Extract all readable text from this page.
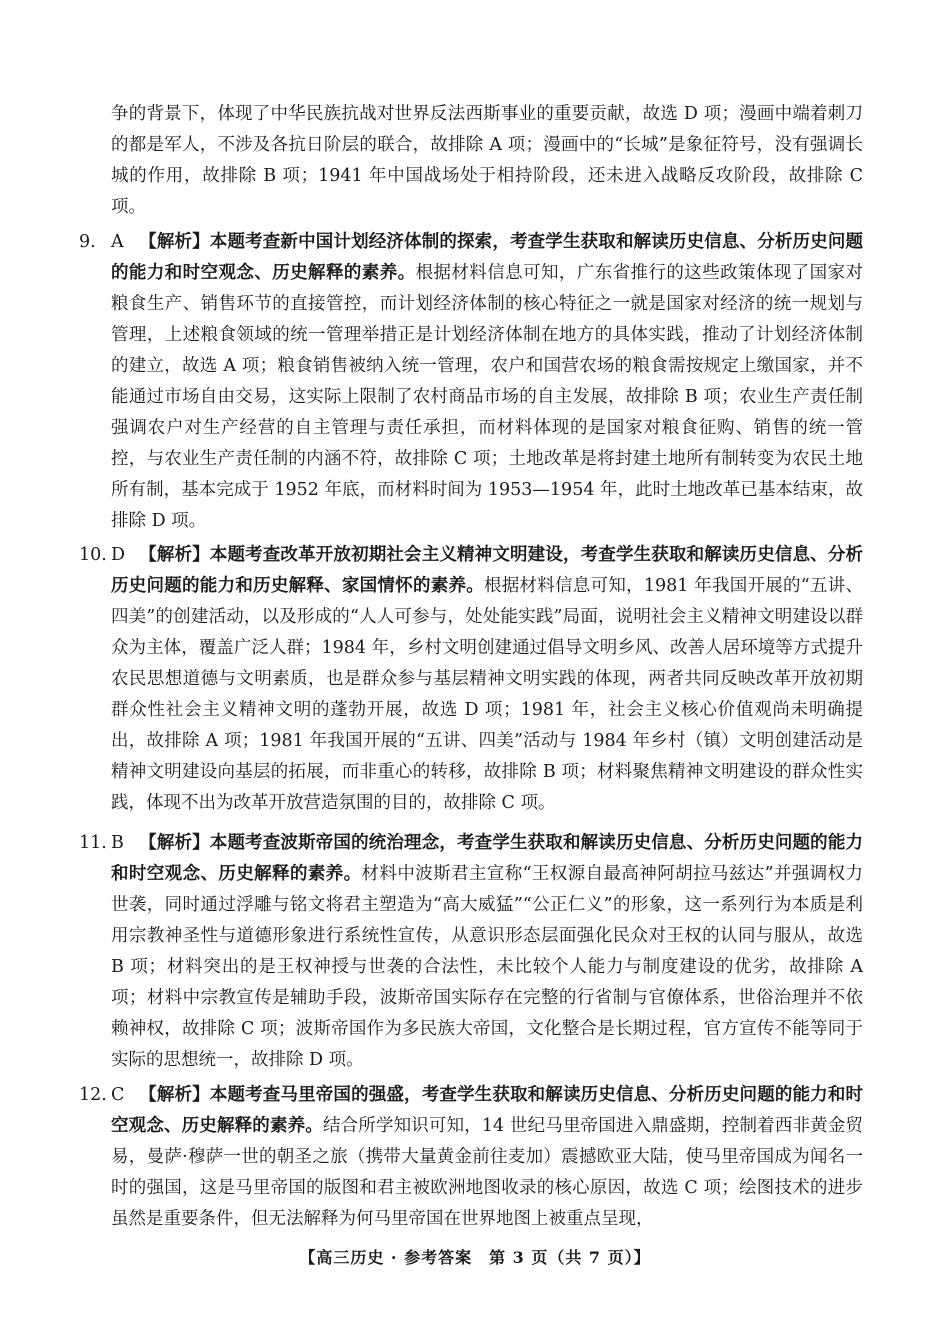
争的背景下，体现了中华民族抗战对世界反法西斯事业的重要贡献，故选 D 项；漫画中端着刺刀的都是军人，不涉及各抗日阶层的联合，故排除 A 项；漫画中的“长城”是象征符号，没有强调长城的作用，故排除 B 项；1941 年中国战场处于相持阶段，还未进入战略反攻阶段，故排除 C 项。

9. A 【解析】本题考查新中国计划经济体制的探索，考查学生获取和解读历史信息、分析历史问题的能力和时空观念、历史解释的素养。根据材料信息可知，广东省推行的这些政策体现了国家对粮食生产、销售环节的直接管控，而计划经济体制的核心特征之一就是国家对经济的统一规划与管理，上述粮食领域的统一管理举措正是计划经济体制在地方的具体实践，推动了计划经济体制的建立，故选 A 项；粮食销售被纳入统一管理，农户和国营农场的粮食需按规定上缴国家，并不能通过市场自由交易，这实际上限制了农村商品市场的自主发展，故排除 B 项；农业生产责任制强调农户对生产经营的自主管理与责任承担，而材料体现的是国家对粮食征购、销售的统一管控，与农业生产责任制的内涵不符，故排除 C 项；土地改革是将封建土地所有制转变为农民土地所有制，基本完成于 1952 年底，而材料时间为 1953—1954 年，此时土地改革已基本结束，故排除 D 项。
10. D 【解析】本题考查改革开放初期社会主义精神文明建设，考查学生获取和解读历史信息、分析历史问题的能力和历史解释、家国情怀的素养。根据材料信息可知，1981 年我国开展的“五讲、四美”的创建活动，以及形成的“人人可参与，处处能实践”局面，说明社会主义精神文明建设以群众为主体，覆盖广泛人群；1984 年，乡村文明创建通过倡导文明乡风、改善人居环境等方式提升农民思想道德与文明素质，也是群众参与基层精神文明实践的体现，两者共同反映改革开放初期群众性社会主义精神文明的蓬勃开展，故选 D 项；1981 年，社会主义核心价值观尚未明确提出，故排除 A 项；1981 年我国开展的“五讲、四美”活动与 1984 年乡村（镇）文明创建活动是精神文明建设向基层的拓展，而非重心的转移，故排除 B 项；材料聚焦精神文明建设的群众性实践，体现不出为改革开放营造氛围的目的，故排除 C 项。
11. B 【解析】本题考查波斯帝国的统治理念，考查学生获取和解读历史信息、分析历史问题的能力和时空观念、历史解释的素养。材料中波斯君主宣称“王权源自最高神阿胡拉马兹达”并强调权力世袭，同时通过浮雕与铭文将君主塑造为“高大威猛”“公正仁义”的形象，这一系列行为本质是利用宗教神圣性与道德形象进行系统性宣传，从意识形态层面强化民众对王权的认同与服从，故选 B 项；材料突出的是王权神授与世袭的合法性，未比较个人能力与制度建设的优劣，故排除 A 项；材料中宗教宣传是辅助手段，波斯帝国实际存在完整的行省制与官僚体系，世俗治理并不依赖神权，故排除 C 项；波斯帝国作为多民族大帝国，文化整合是长期过程，官方宣传不能等同于实际的思想统一，故排除 D 项。
12. C 【解析】本题考查马里帝国的强盛，考查学生获取和解读历史信息、分析历史问题的能力和时空观念、历史解释的素养。结合所学知识可知，14 世纪马里帝国进入鼎盛期，控制着西非黄金贸易，曼萨·穆萨一世的朝圣之旅（携带大量黄金前往麦加）震撼欧亚大陆，使马里帝国成为闻名一时的强国，这是马里帝国的版图和君主被欧洲地图收录的核心原因，故选 C 项；绘图技术的进步虽然是重要条件，但无法解释为何马里帝国在世界地图上被重点呈现，
【高三历史 · 参考答案　第 3 页（共 7 页）】
